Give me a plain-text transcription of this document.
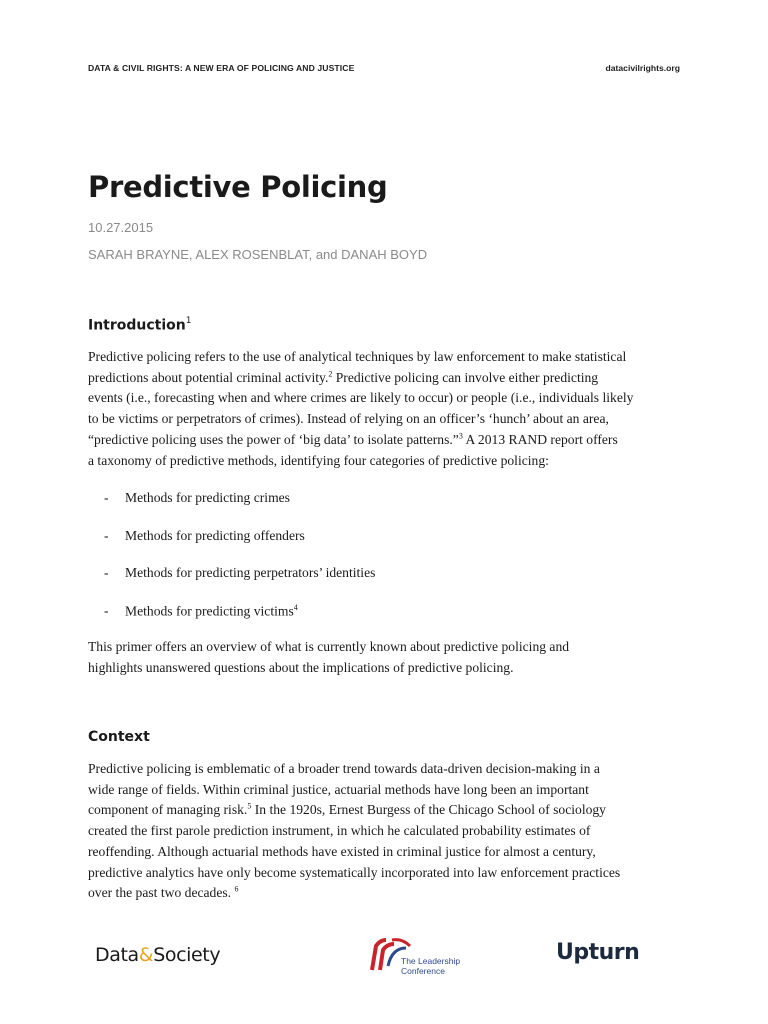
DATA & CIVIL RIGHTS: A NEW ERA OF POLICING AND JUSTICE	datacivilrights.org
Predictive Policing
10.27.2015
SARAH BRAYNE, ALEX ROSENBLAT, and DANAH BOYD
Introduction$^1$

Predictive policing refers to the use of analytical techniques by law enforcement to make statistical
predictions about potential criminal activity.$^2$ Predictive policing can involve either predicting
events (i.e., forecasting when and where crimes are likely to occur) or people (i.e., individuals likely
to be victims or perpetrators of crimes). Instead of relying on an officer’s ‘hunch’ about an area,
“predictive policing uses the power of ‘big data’ to isolate patterns.”$^3$ A 2013 RAND report offers
a taxonomy of predictive methods, identifying four categories of predictive policing:

- Methods for predicting crimes
- Methods for predicting offenders
- Methods for predicting perpetrators’ identities
- Methods for predicting victims$^4$

This primer offers an overview of what is currently known about predictive policing and
highlights unanswered questions about the implications of predictive policing.

Context

Predictive policing is emblematic of a broader trend towards data-driven decision-making in a
wide range of fields. Within criminal justice, actuarial methods have long been an important
component of managing risk.$^5$ In the 1920s, Ernest Burgess of the Chicago School of sociology
created the first parole prediction instrument, in which he calculated probability estimates of
reoffending. Although actuarial methods have existed in criminal justice for almost a century,
predictive analytics have only become systematically incorporated into law enforcement practices
over the past two decades. $^6$

Data&Society	The Leadership
Conference
Upturn
